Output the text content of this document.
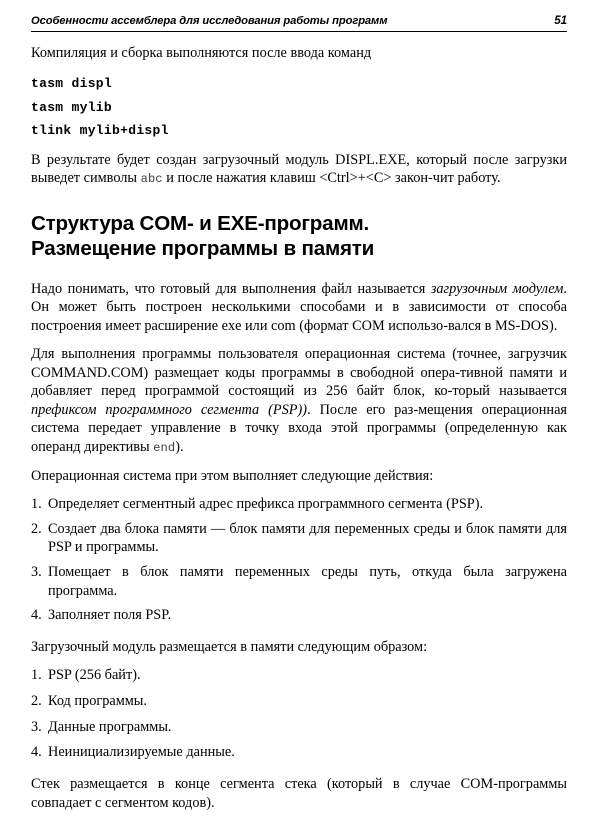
Особенности ассемблера для исследования работы программ	51

Компиляция и сборка выполняются после ввода команд

tasm displ
tasm mylib
tlink mylib+displ

В результате будет создан загрузочный модуль DISPL.EXE, который после загрузки выведет символы abc и после нажатия клавиш <Ctrl>+<C> закон-чит работу.

Структура COM- и EXE-программ.
Размещение программы в памяти

Надо понимать, что готовый для выполнения файл называется загрузочным модулем. Он может быть построен несколькими способами и в зависимости от способа построения имеет расширение exe или com (формат COM использо-вался в MS-DOS).

Для выполнения программы пользователя операционная система (точнее, загрузчик COMMAND.COM) размещает коды программы в свободной опера-тивной памяти и добавляет перед программой состоящий из 256 байт блок, ко-торый называется префиксом программного сегмента (PSP)). После его раз-мещения операционная система передает управление в точку входа этой программы (определенную как операнд директивы end).

Операционная система при этом выполняет следующие действия:

1. Определяет сегментный адрес префикса программного сегмента (PSP).
2. Создает два блока памяти — блок памяти для переменных среды и блок памяти для PSP и программы.
3. Помещает в блок памяти переменных среды путь, откуда была загружена программа.
4. Заполняет поля PSP.

Загрузочный модуль размещается в памяти следующим образом:

1. PSP (256 байт).
2. Код программы.
3. Данные программы.
4. Неинициализируемые данные.

Стек размещается в конце сегмента стека (который в случае COM-программы совпадает с сегментом кодов).
